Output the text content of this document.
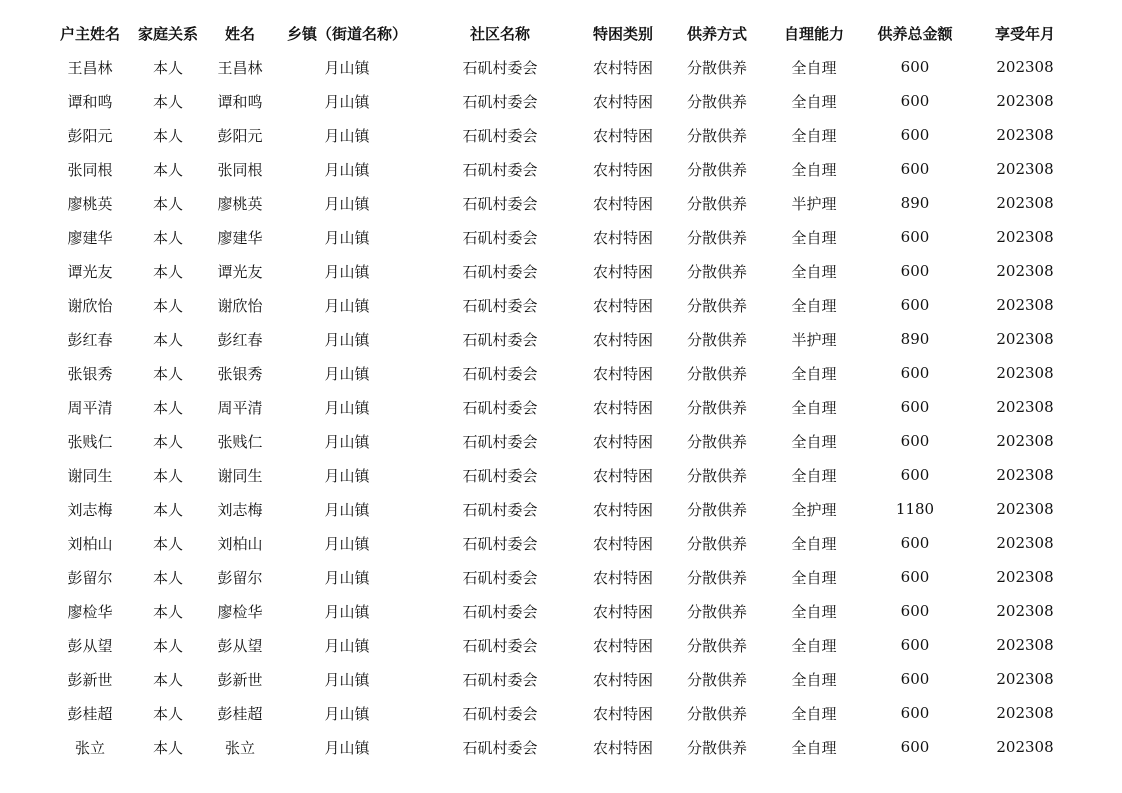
户主姓名	家庭关系	姓名	乡镇（街道名称）	社区名称	特困类别	供养方式	自理能力	供养总金额	享受年月
王昌林	本人	王昌林	月山镇	石矶村委会	农村特困	分散供养	全自理	600	202308
谭和鸣	本人	谭和鸣	月山镇	石矶村委会	农村特困	分散供养	全自理	600	202308
彭阳元	本人	彭阳元	月山镇	石矶村委会	农村特困	分散供养	全自理	600	202308
张同根	本人	张同根	月山镇	石矶村委会	农村特困	分散供养	全自理	600	202308
廖桃英	本人	廖桃英	月山镇	石矶村委会	农村特困	分散供养	半护理	890	202308
廖建华	本人	廖建华	月山镇	石矶村委会	农村特困	分散供养	全自理	600	202308
谭光友	本人	谭光友	月山镇	石矶村委会	农村特困	分散供养	全自理	600	202308
谢欣怡	本人	谢欣怡	月山镇	石矶村委会	农村特困	分散供养	全自理	600	202308
彭红春	本人	彭红春	月山镇	石矶村委会	农村特困	分散供养	半护理	890	202308
张银秀	本人	张银秀	月山镇	石矶村委会	农村特困	分散供养	全自理	600	202308
周平清	本人	周平清	月山镇	石矶村委会	农村特困	分散供养	全自理	600	202308
张贱仁	本人	张贱仁	月山镇	石矶村委会	农村特困	分散供养	全自理	600	202308
谢同生	本人	谢同生	月山镇	石矶村委会	农村特困	分散供养	全自理	600	202308
刘志梅	本人	刘志梅	月山镇	石矶村委会	农村特困	分散供养	全护理	1180	202308
刘柏山	本人	刘柏山	月山镇	石矶村委会	农村特困	分散供养	全自理	600	202308
彭留尔	本人	彭留尔	月山镇	石矶村委会	农村特困	分散供养	全自理	600	202308
廖检华	本人	廖检华	月山镇	石矶村委会	农村特困	分散供养	全自理	600	202308
彭从望	本人	彭从望	月山镇	石矶村委会	农村特困	分散供养	全自理	600	202308
彭新世	本人	彭新世	月山镇	石矶村委会	农村特困	分散供养	全自理	600	202308
彭桂超	本人	彭桂超	月山镇	石矶村委会	农村特困	分散供养	全自理	600	202308
张立	本人	张立	月山镇	石矶村委会	农村特困	分散供养	全自理	600	202308
